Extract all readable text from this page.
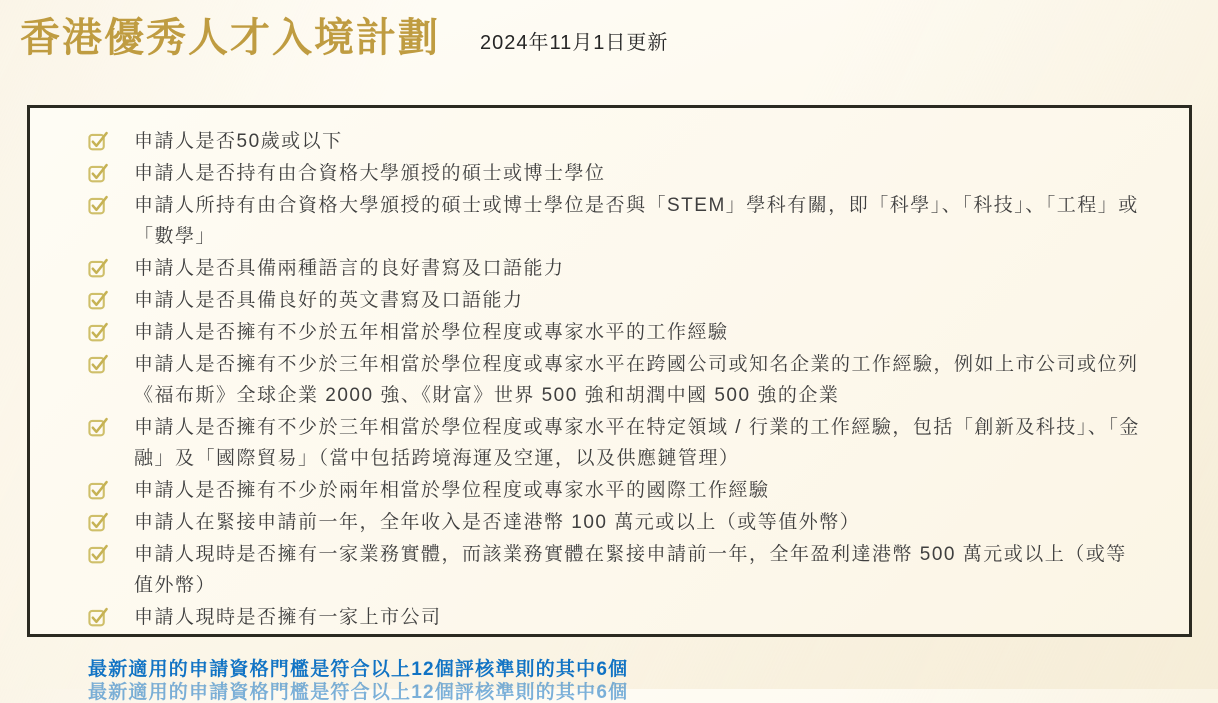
香港優秀人才入境計劃 2024年11月1日更新
申請人是否50歲或以下
申請人是否持有由合資格大學頒授的碩士或博士學位
申請人所持有由合資格大學頒授的碩士或博士學位是否與「STEM」學科有關，即「科學」、「科技」、「工程」或「數學」
申請人是否具備兩種語言的良好書寫及口語能力
申請人是否具備良好的英文書寫及口語能力
申請人是否擁有不少於五年相當於學位程度或專家水平的工作經驗
申請人是否擁有不少於三年相當於學位程度或專家水平在跨國公司或知名企業的工作經驗，例如上市公司或位列《福布斯》全球企業 2000 強、《財富》世界 500 強和胡潤中國 500 強的企業
申請人是否擁有不少於三年相當於學位程度或專家水平在特定領域 / 行業的工作經驗，包括「創新及科技」、「金融」及「國際貿易」（當中包括跨境海運及空運，以及供應鏈管理）
申請人是否擁有不少於兩年相當於學位程度或專家水平的國際工作經驗
申請人在緊接申請前一年，全年收入是否達港幣 100 萬元或以上（或等值外幣）
申請人現時是否擁有一家業務實體，而該業務實體在緊接申請前一年，全年盈利達港幣 500 萬元或以上（或等值外幣）
申請人現時是否擁有一家上市公司
最新適用的申請資格門檻是符合以上12個評核準則的其中6個
最新適用的申請資格門檻是符合以上12個評核準則的其中6個
